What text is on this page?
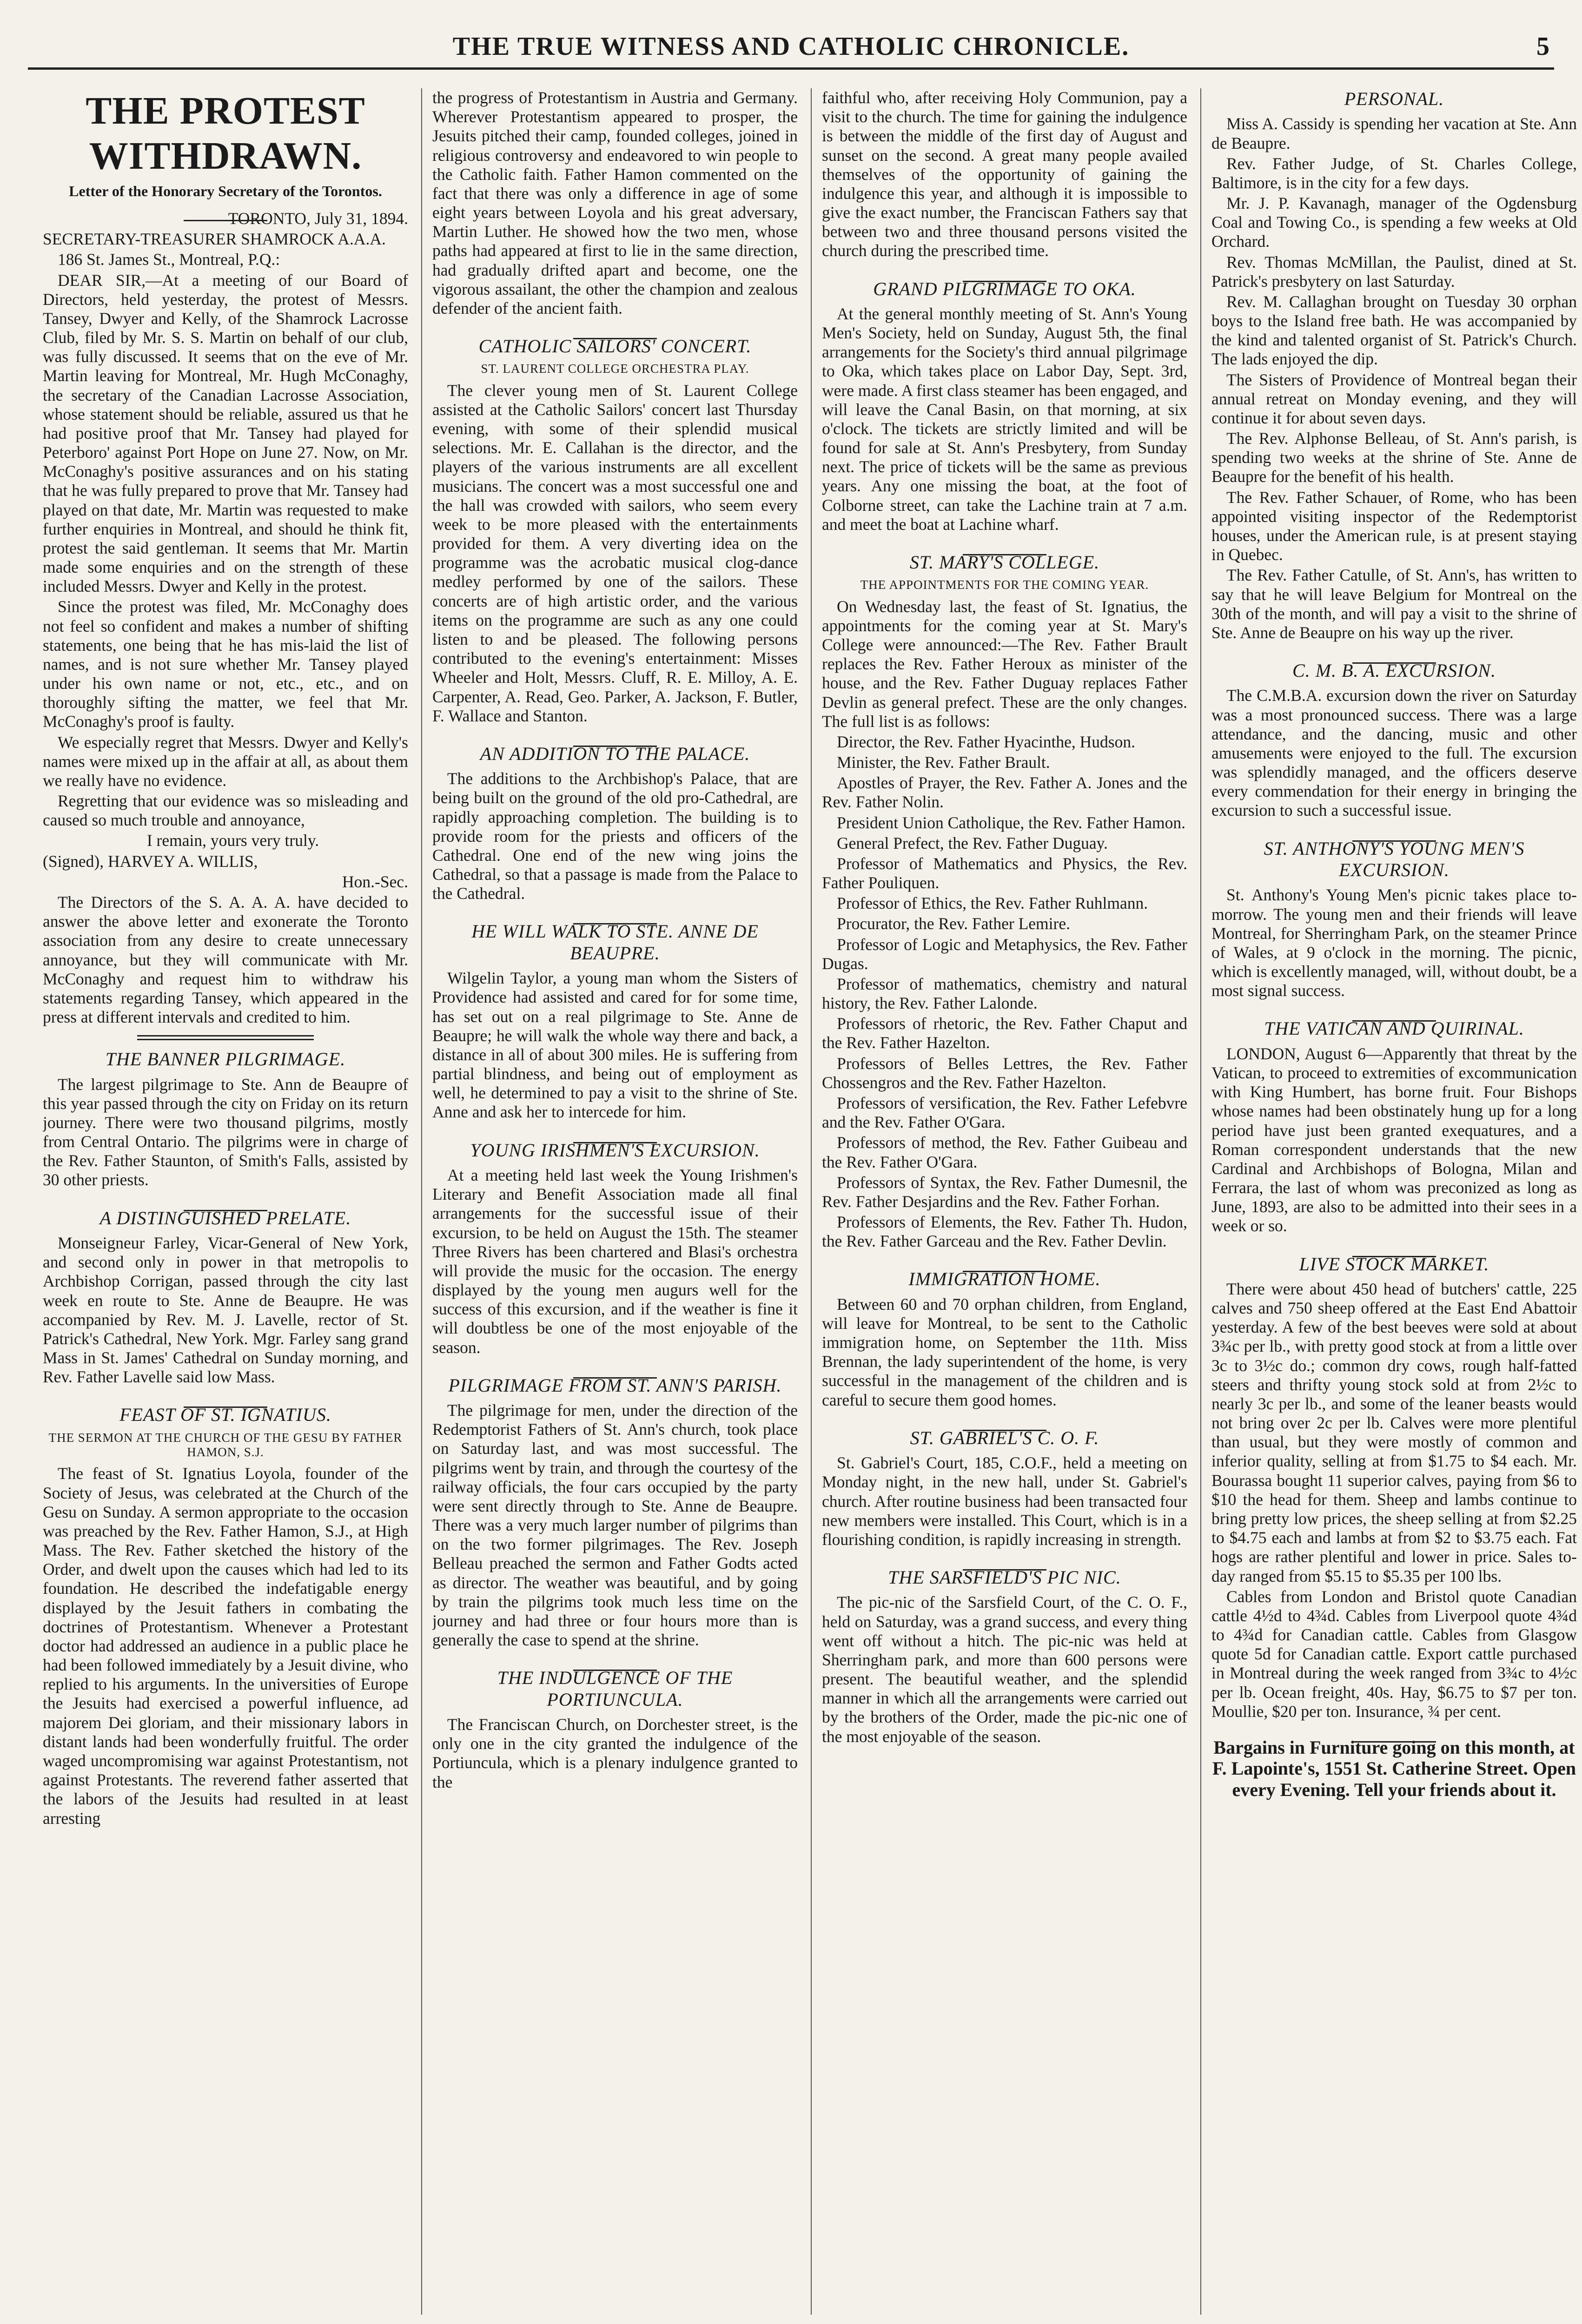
THE TRUE WITNESS AND CATHOLIC CHRONICLE.	5
THE PROTEST WITHDRAWN.
Letter of the Honorary Secretary of the Torontos.

TORONTO, July 31, 1894.

SECRETARY-TREASURER SHAMROCK A.A.A.

186 St. James St., Montreal, P.Q.:

DEAR SIR,—At a meeting of our Board of Directors, held yesterday, the protest of Messrs. Tansey, Dwyer and Kelly, of the Shamrock Lacrosse Club, filed by Mr. S. S. Martin on behalf of our club, was fully discussed. It seems that on the eve of Mr. Martin leaving for Montreal, Mr. Hugh McConaghy, the secretary of the Canadian Lacrosse Association, whose statement should be reliable, assured us that he had positive proof that Mr. Tansey had played for Peterboro' against Port Hope on June 27. Now, on Mr. McConaghy's positive assurances and on his stating that he was fully prepared to prove that Mr. Tansey had played on that date, Mr. Martin was requested to make further enquiries in Montreal, and should he think fit, protest the said gentleman. It seems that Mr. Martin made some enquiries and on the strength of these included Messrs. Dwyer and Kelly in the protest.

Since the protest was filed, Mr. McConaghy does not feel so confident and makes a number of shifting statements, one being that he has mis-laid the list of names, and is not sure whether Mr. Tansey played under his own name or not, etc., etc., and on thoroughly sifting the matter, we feel that Mr. McConaghy's proof is faulty.

We especially regret that Messrs. Dwyer and Kelly's names were mixed up in the affair at all, as about them we really have no evidence.

Regretting that our evidence was so misleading and caused so much trouble and annoyance,

I remain, yours very truly.

(Signed), HARVEY A. WILLIS,

Hon.-Sec.

The Directors of the S. A. A. A. have decided to answer the above letter and exonerate the Toronto association from any desire to create unnecessary annoyance, but they will communicate with Mr. McConaghy and request him to withdraw his statements regarding Tansey, which appeared in the press at different intervals and credited to him.

THE BANNER PILGRIMAGE.

The largest pilgrimage to Ste. Ann de Beaupre of this year passed through the city on Friday on its return journey. There were two thousand pilgrims, mostly from Central Ontario. The pilgrims were in charge of the Rev. Father Staunton, of Smith's Falls, assisted by 30 other priests.

A DISTINGUISHED PRELATE.

Monseigneur Farley, Vicar-General of New York, and second only in power in that metropolis to Archbishop Corrigan, passed through the city last week en route to Ste. Anne de Beaupre. He was accompanied by Rev. M. J. Lavelle, rector of St. Patrick's Cathedral, New York. Mgr. Farley sang grand Mass in St. James' Cathedral on Sunday morning, and Rev. Father Lavelle said low Mass.

FEAST OF ST. IGNATIUS.
THE SERMON AT THE CHURCH OF THE GESU BY FATHER HAMON, S.J.

The feast of St. Ignatius Loyola, founder of the Society of Jesus, was celebrated at the Church of the Gesu on Sunday. A sermon appropriate to the occasion was preached by the Rev. Father Hamon, S.J., at High Mass. The Rev. Father sketched the history of the Order, and dwelt upon the causes which had led to its foundation. He described the indefatigable energy displayed by the Jesuit fathers in combating the doctrines of Protestantism. Whenever a Protestant doctor had addressed an audience in a public place he had been followed immediately by a Jesuit divine, who replied to his arguments. In the universities of Europe the Jesuits had exercised a powerful influence, ad majorem Dei gloriam, and their missionary labors in distant lands had been wonderfully fruitful. The order waged uncompromising war against Protestantism, not against Protestants. The reverend father asserted that the labors of the Jesuits had resulted in at least arresting

the progress of Protestantism in Austria and Germany. Wherever Protestantism appeared to prosper, the Jesuits pitched their camp, founded colleges, joined in religious controversy and endeavored to win people to the Catholic faith. Father Hamon commented on the fact that there was only a difference in age of some eight years between Loyola and his great adversary, Martin Luther. He showed how the two men, whose paths had appeared at first to lie in the same direction, had gradually drifted apart and become, one the vigorous assailant, the other the champion and zealous defender of the ancient faith.

CATHOLIC SAILORS' CONCERT.
ST. LAURENT COLLEGE ORCHESTRA PLAY.

The clever young men of St. Laurent College assisted at the Catholic Sailors' concert last Thursday evening, with some of their splendid musical selections. Mr. E. Callahan is the director, and the players of the various instruments are all excellent musicians. The concert was a most successful one and the hall was crowded with sailors, who seem every week to be more pleased with the entertainments provided for them. A very diverting idea on the programme was the acrobatic musical clog-dance medley performed by one of the sailors. These concerts are of high artistic order, and the various items on the programme are such as any one could listen to and be pleased. The following persons contributed to the evening's entertainment: Misses Wheeler and Holt, Messrs. Cluff, R. E. Milloy, A. E. Carpenter, A. Read, Geo. Parker, A. Jackson, F. Butler, F. Wallace and Stanton.

AN ADDITION TO THE PALACE.

The additions to the Archbishop's Palace, that are being built on the ground of the old pro-Cathedral, are rapidly approaching completion. The building is to provide room for the priests and officers of the Cathedral. One end of the new wing joins the Cathedral, so that a passage is made from the Palace to the Cathedral.

HE WILL WALK TO STE. ANNE DE BEAUPRE.

Wilgelin Taylor, a young man whom the Sisters of Providence had assisted and cared for for some time, has set out on a real pilgrimage to Ste. Anne de Beaupre; he will walk the whole way there and back, a distance in all of about 300 miles. He is suffering from partial blindness, and being out of employment as well, he determined to pay a visit to the shrine of Ste. Anne and ask her to intercede for him.

YOUNG IRISHMEN'S EXCURSION.

At a meeting held last week the Young Irishmen's Literary and Benefit Association made all final arrangements for the successful issue of their excursion, to be held on August the 15th. The steamer Three Rivers has been chartered and Blasi's orchestra will provide the music for the occasion. The energy displayed by the young men augurs well for the success of this excursion, and if the weather is fine it will doubtless be one of the most enjoyable of the season.

PILGRIMAGE FROM ST. ANN'S PARISH.

The pilgrimage for men, under the direction of the Redemptorist Fathers of St. Ann's church, took place on Saturday last, and was most successful. The pilgrims went by train, and through the courtesy of the railway officials, the four cars occupied by the party were sent directly through to Ste. Anne de Beaupre. There was a very much larger number of pilgrims than on the two former pilgrimages. The Rev. Joseph Belleau preached the sermon and Father Godts acted as director. The weather was beautiful, and by going by train the pilgrims took much less time on the journey and had three or four hours more than is generally the case to spend at the shrine.

THE INDULGENCE OF THE PORTIUNCULA.

The Franciscan Church, on Dorchester street, is the only one in the city granted the indulgence of the Portiuncula, which is a plenary indulgence granted to the

faithful who, after receiving Holy Communion, pay a visit to the church. The time for gaining the indulgence is between the middle of the first day of August and sunset on the second. A great many people availed themselves of the opportunity of gaining the indulgence this year, and although it is impossible to give the exact number, the Franciscan Fathers say that between two and three thousand persons visited the church during the prescribed time.

GRAND PILGRIMAGE TO OKA.

At the general monthly meeting of St. Ann's Young Men's Society, held on Sunday, August 5th, the final arrangements for the Society's third annual pilgrimage to Oka, which takes place on Labor Day, Sept. 3rd, were made. A first class steamer has been engaged, and will leave the Canal Basin, on that morning, at six o'clock. The tickets are strictly limited and will be found for sale at St. Ann's Presbytery, from Sunday next. The price of tickets will be the same as previous years. Any one missing the boat, at the foot of Colborne street, can take the Lachine train at 7 a.m. and meet the boat at Lachine wharf.

ST. MARY'S COLLEGE.
THE APPOINTMENTS FOR THE COMING YEAR.

On Wednesday last, the feast of St. Ignatius, the appointments for the coming year at St. Mary's College were announced:—The Rev. Father Brault replaces the Rev. Father Heroux as minister of the house, and the Rev. Father Duguay replaces Father Devlin as general prefect. These are the only changes. The full list is as follows:

Director, the Rev. Father Hyacinthe, Hudson.

Minister, the Rev. Father Brault.

Apostles of Prayer, the Rev. Father A. Jones and the Rev. Father Nolin.

President Union Catholique, the Rev. Father Hamon.

General Prefect, the Rev. Father Duguay.

Professor of Mathematics and Physics, the Rev. Father Pouliquen.

Professor of Ethics, the Rev. Father Ruhlmann.

Procurator, the Rev. Father Lemire.

Professor of Logic and Metaphysics, the Rev. Father Dugas.

Professor of mathematics, chemistry and natural history, the Rev. Father Lalonde.

Professors of rhetoric, the Rev. Father Chaput and the Rev. Father Hazelton.

Professors of Belles Lettres, the Rev. Father Chossengros and the Rev. Father Hazelton.

Professors of versification, the Rev. Father Lefebvre and the Rev. Father O'Gara.

Professors of method, the Rev. Father Guibeau and the Rev. Father O'Gara.

Professors of Syntax, the Rev. Father Dumesnil, the Rev. Father Desjardins and the Rev. Father Forhan.

Professors of Elements, the Rev. Father Th. Hudon, the Rev. Father Garceau and the Rev. Father Devlin.

IMMIGRATION HOME.

Between 60 and 70 orphan children, from England, will leave for Montreal, to be sent to the Catholic immigration home, on September the 11th. Miss Brennan, the lady superintendent of the home, is very successful in the management of the children and is careful to secure them good homes.

ST. GABRIEL'S C. O. F.

St. Gabriel's Court, 185, C.O.F., held a meeting on Monday night, in the new hall, under St. Gabriel's church. After routine business had been transacted four new members were installed. This Court, which is in a flourishing condition, is rapidly increasing in strength.

THE SARSFIELD'S PIC NIC.

The pic-nic of the Sarsfield Court, of the C. O. F., held on Saturday, was a grand success, and every thing went off without a hitch. The pic-nic was held at Sherringham park, and more than 600 persons were present. The beautiful weather, and the splendid manner in which all the arrangements were carried out by the brothers of the Order, made the pic-nic one of the most enjoyable of the season.

PERSONAL.

Miss A. Cassidy is spending her vacation at Ste. Ann de Beaupre.

Rev. Father Judge, of St. Charles College, Baltimore, is in the city for a few days.

Mr. J. P. Kavanagh, manager of the Ogdensburg Coal and Towing Co., is spending a few weeks at Old Orchard.

Rev. Thomas McMillan, the Paulist, dined at St. Patrick's presbytery on last Saturday.

Rev. M. Callaghan brought on Tuesday 30 orphan boys to the Island free bath. He was accompanied by the kind and talented organist of St. Patrick's Church. The lads enjoyed the dip.

The Sisters of Providence of Montreal began their annual retreat on Monday evening, and they will continue it for about seven days.

The Rev. Alphonse Belleau, of St. Ann's parish, is spending two weeks at the shrine of Ste. Anne de Beaupre for the benefit of his health.

The Rev. Father Schauer, of Rome, who has been appointed visiting inspector of the Redemptorist houses, under the American rule, is at present staying in Quebec.

The Rev. Father Catulle, of St. Ann's, has written to say that he will leave Belgium for Montreal on the 30th of the month, and will pay a visit to the shrine of Ste. Anne de Beaupre on his way up the river.

C. M. B. A. EXCURSION.

The C.M.B.A. excursion down the river on Saturday was a most pronounced success. There was a large attendance, and the dancing, music and other amusements were enjoyed to the full. The excursion was splendidly managed, and the officers deserve every commendation for their energy in bringing the excursion to such a successful issue.

ST. ANTHONY'S YOUNG MEN'S EXCURSION.

St. Anthony's Young Men's picnic takes place to-morrow. The young men and their friends will leave Montreal, for Sherringham Park, on the steamer Prince of Wales, at 9 o'clock in the morning. The picnic, which is excellently managed, will, without doubt, be a most signal success.

THE VATICAN AND QUIRINAL.

LONDON, August 6—Apparently that threat by the Vatican, to proceed to extremities of excommunication with King Humbert, has borne fruit. Four Bishops whose names had been obstinately hung up for a long period have just been granted exequatures, and a Roman correspondent understands that the new Cardinal and Archbishops of Bologna, Milan and Ferrara, the last of whom was preconized as long as June, 1893, are also to be admitted into their sees in a week or so.

LIVE STOCK MARKET.

There were about 450 head of butchers' cattle, 225 calves and 750 sheep offered at the East End Abattoir yesterday. A few of the best beeves were sold at about 3¾c per lb., with pretty good stock at from a little over 3c to 3½c do.; common dry cows, rough half-fatted steers and thrifty young stock sold at from 2½c to nearly 3c per lb., and some of the leaner beasts would not bring over 2c per lb. Calves were more plentiful than usual, but they were mostly of common and inferior quality, selling at from $1.75 to $4 each. Mr. Bourassa bought 11 superior calves, paying from $6 to $10 the head for them. Sheep and lambs continue to bring pretty low prices, the sheep selling at from $2.25 to $4.75 each and lambs at from $2 to $3.75 each. Fat hogs are rather plentiful and lower in price. Sales to-day ranged from $5.15 to $5.35 per 100 lbs.

Cables from London and Bristol quote Canadian cattle 4½d to 4¾d. Cables from Liverpool quote 4¾d to 4¾d for Canadian cattle. Cables from Glasgow quote 5d for Canadian cattle. Export cattle purchased in Montreal during the week ranged from 3¾c to 4½c per lb. Ocean freight, 40s. Hay, $6.75 to $7 per ton. Moullie, $20 per ton. Insurance, ¾ per cent.

Bargains in Furniture going on this month, at F. Lapointe's, 1551 St. Catherine Street. Open every Evening. Tell your friends about it.
